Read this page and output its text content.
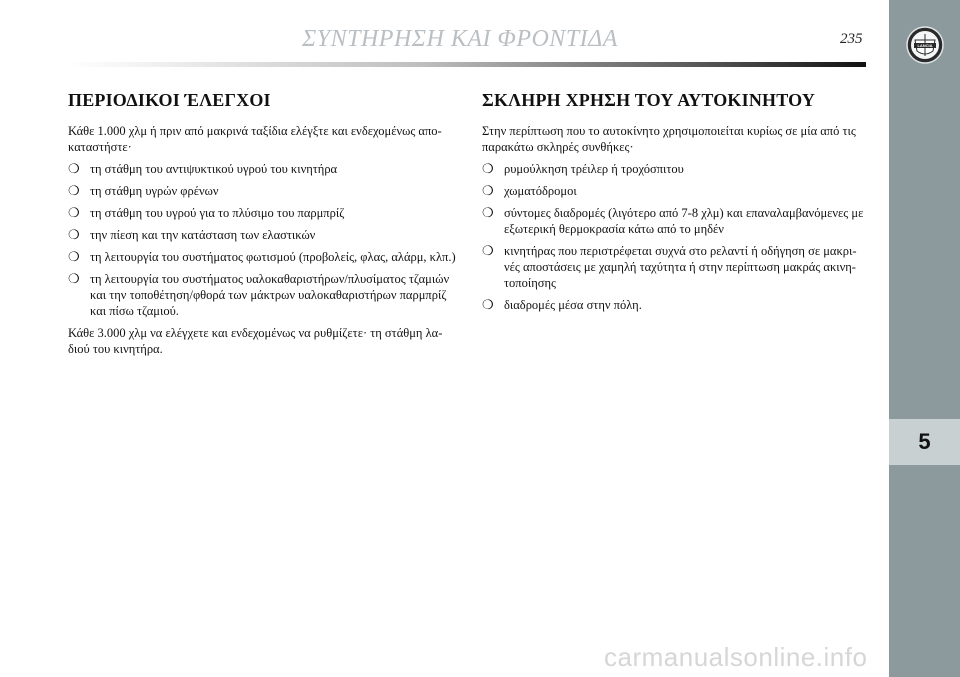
ΣΥΝΤΗΡΗΣΗ ΚΑΙ ΦΡΟΝΤΙΔΑ	235	LANCIA
5
ΠΕΡΙΟΔΙΚΟΙ ΈΛΕΓΧΟΙ

Κάθε 1.000 χλμ ή πριν από μακρινά ταξίδια ελέγξτε και ενδεχομένως απο-καταστήστε·

❍ τη στάθμη του αντιψυκτικού υγρού του κινητήρα
❍ τη στάθμη υγρών φρένων
❍ τη στάθμη του υγρού για το πλύσιμο του παρμπρίζ
❍ την πίεση και την κατάσταση των ελαστικών
❍ τη λειτουργία του συστήματος φωτισμού (προβολείς, φλας, αλάρμ, κλπ.)
❍ τη λειτουργία του συστήματος υαλοκαθαριστήρων/πλυσίματος τζαμιών και την τοποθέτηση/φθορά των μάκτρων υαλοκαθαριστήρων παρμπρίζ και πίσω τζαμιού.

Κάθε 3.000 χλμ να ελέγχετε και ενδεχομένως να ρυθμίζετε· τη στάθμη λα-διού του κινητήρα.

ΣΚΛΗΡΗ ΧΡΗΣΗ ΤΟΥ ΑΥΤΟΚΙΝΗΤΟΥ

Στην περίπτωση που το αυτοκίνητο χρησιμοποιείται κυρίως σε μία από τις παρακάτω σκληρές συνθήκες·

❍ ρυμούλκηση τρέιλερ ή τροχόσπιτου
❍ χωματόδρομοι
❍ σύντομες διαδρομές (λιγότερο από 7-8 χλμ) και επαναλαμβανόμενες με εξωτερική θερμοκρασία κάτω από το μηδέν
❍ κινητήρας που περιστρέφεται συχνά στο ρελαντί ή οδήγηση σε μακρι-νές αποστάσεις με χαμηλή ταχύτητα ή στην περίπτωση μακράς ακινη-τοποίησης
❍ διαδρομές μέσα στην πόλη.
carmanualsonline.info
